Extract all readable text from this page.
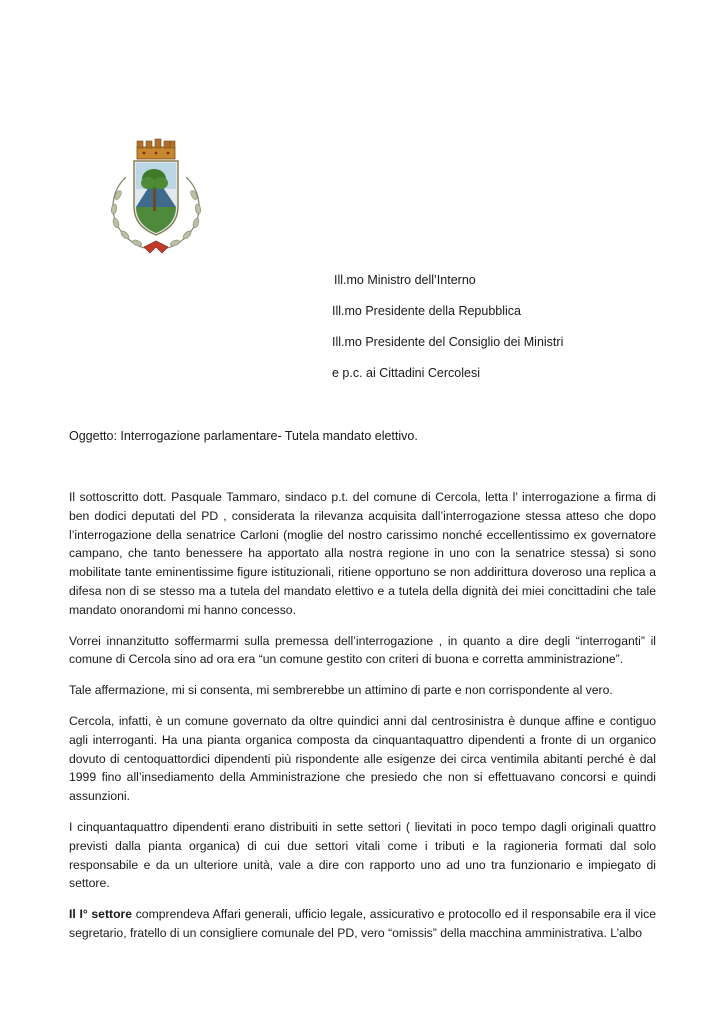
Ill.mo Ministro dell’Interno
Ill.mo Presidente della Repubblica
Ill.mo Presidente del Consiglio dei Ministri
e p.c. ai Cittadini Cercolesi
Oggetto: Interrogazione parlamentare- Tutela mandato elettivo.

Il sottoscritto dott. Pasquale Tammaro, sindaco p.t. del comune di Cercola, letta l’ interrogazione a firma di ben dodici deputati del PD , considerata la rilevanza acquisita dall’interrogazione stessa atteso che dopo l’interrogazione della senatrice Carloni (moglie del nostro carissimo nonché eccellentissimo ex governatore campano, che tanto benessere ha apportato alla nostra regione in uno con la senatrice stessa) si sono mobilitate tante eminentissime figure istituzionali, ritiene opportuno se non addirittura doveroso una replica a difesa non di se stesso ma a tutela del mandato elettivo e a tutela della dignità dei miei concittadini che tale mandato onorandomi mi hanno concesso.

Vorrei innanzitutto soffermarmi sulla premessa dell’interrogazione , in quanto a dire degli “interroganti” il comune di Cercola sino ad ora era “un comune gestito con criteri di buona e corretta amministrazione”.

Tale affermazione, mi si consenta, mi sembrerebbe un attimino di parte e non corrispondente al vero.

Cercola, infatti, è un comune governato da oltre quindici anni dal centrosinistra è dunque affine e contiguo agli interroganti. Ha una pianta organica composta da cinquantaquattro dipendenti a fronte di un organico dovuto di centoquattordici dipendenti più rispondente alle esigenze dei circa ventimila abitanti perché è dal 1999 fino all’insediamento della Amministrazione che presiedo che non si effettuavano concorsi e quindi assunzioni.

I cinquantaquattro dipendenti erano distribuiti in sette settori ( lievitati in poco tempo dagli originali quattro previsti dalla pianta organica) di cui due settori vitali come i tributi e la ragioneria formati dal solo responsabile e da un ulteriore unità, vale a dire con rapporto uno ad uno tra funzionario e impiegato di settore.

Il I° settore comprendeva Affari generali, ufficio legale, assicurativo e protocollo ed il responsabile era il vice segretario, fratello di un consigliere comunale del PD, vero “omissis” della macchina amministrativa. L’albo
